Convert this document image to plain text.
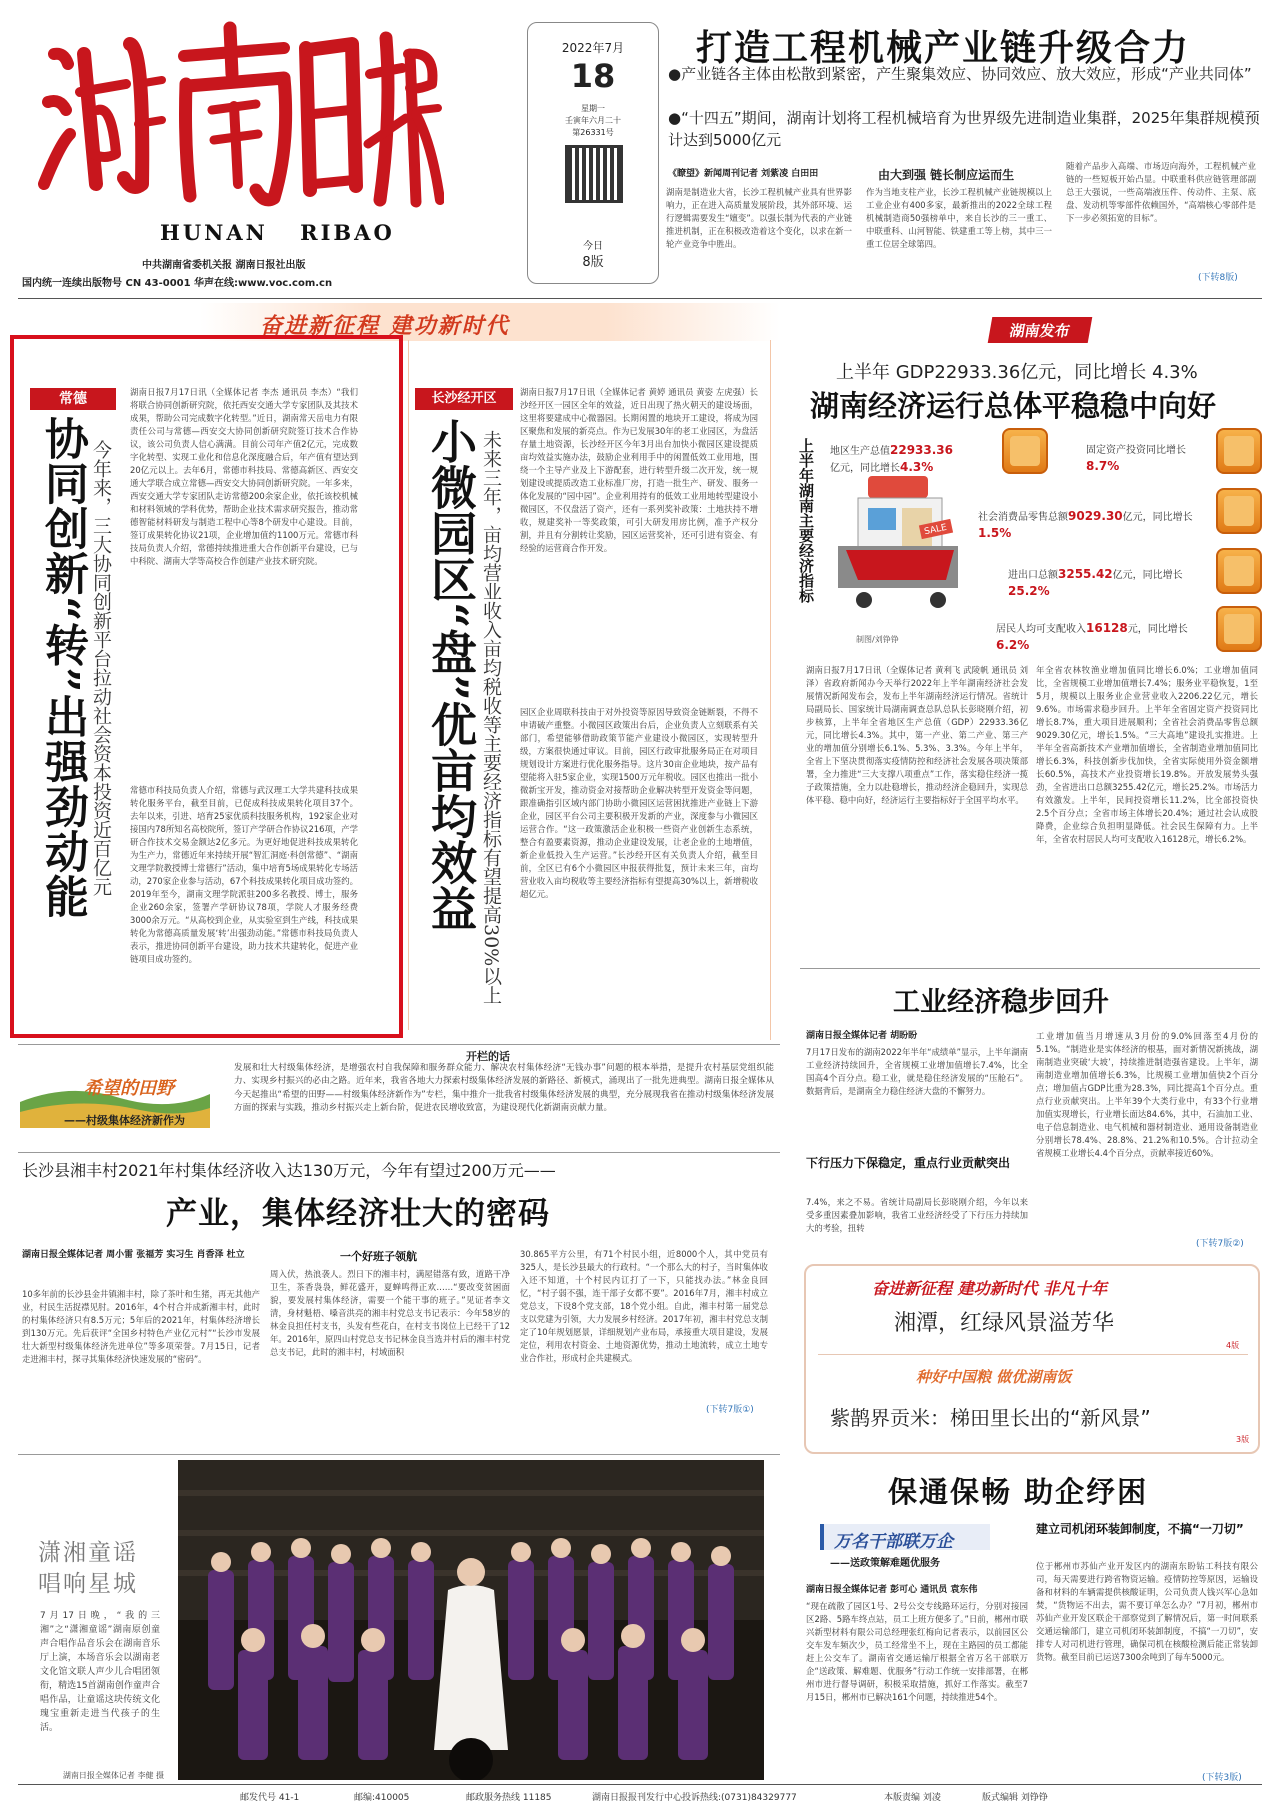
HUNAN RIBAO
中共湖南省委机关报 湖南日报社出版
国内统一连续出版物号 CN 43-0001 华声在线:www.voc.com.cn
2022年7月
18
星期一
壬寅年六月二十
第26331号
今日
8版
打造工程机械产业链升级合力
●产业链各主体由松散到紧密，产生聚集效应、协同效应、放大效应，形成“产业共同体”
●“十四五”期间，湖南计划将工程机械培育为世界级先进制造业集群，2025年集群规模预计达到5000亿元
《瞭望》新闻周刊记者 刘紫凌 白田田	由大到强 链长制应运而生
湖南是制造业大省，长沙工程机械产业具有世界影响力，正在进入高质量发展阶段，其外部环境、运行逻辑需要发生“嬗变”。以强长制为代表的产业链推进机制，正在积极改造着这个变化，以求在新一轮产业竞争中胜出。
作为当地支柱产业，长沙工程机械产业链规模以上工业企业有400多家，最新推出的2022全球工程机械制造商50强榜单中，来自长沙的三一重工、中联重科、山河智能、铁建重工等上榜，其中三一重工位居全球第四。
随着产品步入高端、市场迈向海外，工程机械产业链的一些短板开始凸显。中联重科供应链管理部副总王大强说，一些高端液压件、传动件、主泵、底盘、发动机等零部件依赖国外，“高端核心零部件是下一步必须拓宽的目标”。
(下转8版)
奋进新征程 建功新时代
常德
协同创新“转”出强劲动能 今年来，三大协同创新平台拉动社会资本投资近百亿元
湖南日报7月17日讯（全媒体记者 李杰 通讯员 李杰）“我们将联合协同创新研究院，依托西安交通大学专家团队及其技术成果，帮助公司完成数字化转型。”近日，湖南常天岳电力有限责任公司与常德—西安交大协同创新研究院签订技术合作协议，该公司负责人信心满满。目前公司年产值2亿元，完成数字化转型、实现工业化和信息化深度融合后，年产值有望达到20亿元以上。去年6月，常德市科技局、常德高新区、西安交通大学联合成立常德—西安交大协同创新研究院。一年多来，西安交通大学专家团队走访常德200余家企业，依托该校机械和材料领域的学科优势，帮助企业技术需求研究报告，推动常德智能材料研发与制造工程中心等8个研发中心建设。目前，签订成果转化协议21项，企业增加值约1100万元。常德市科技局负责人介绍，常德持续推进重大合作创新平台建设，已与中科院、湖南大学等高校合作创建产业技术研究院。
常德市科技局负责人介绍，常德与武汉理工大学共建科技成果转化服务平台，截至目前，已促成科技成果转化项目37个。去年以来，引进、培育25家优质科技服务机构，192家企业对接国内78所知名高校院所，签订产学研合作协议216项，产学研合作技术交易金额达2亿多元。为更好地促进科技成果转化为生产力，常德近年来持续开展“智汇洞庭·科创常德”、“湖南文理学院教授博士常德行”活动，集中培育5场成果转化专场活动，270家企业参与活动，67个科技成果转化项目成功签约。2019年至今，湖南文理学院派驻200多名教授、博士，服务企业260余家，签署产学研协议78项，学院人才服务经费3000余万元。“从高校到企业，从实验室到生产线，科技成果转化为常德高质量发展‘转’出强劲动能。”常德市科技局负责人表示，推进协同创新平台建设，助力技术共建转化，促进产业链项目成功签约。
长沙经开区
小微园区“盘”优亩均效益 未来三年，亩均营业收入亩均税收等主要经济指标有望提高30%以上
湖南日报7月17日讯（全媒体记者 黄婷 通讯员 黄姿 左虎强）长沙经开区一园区全年的效益，近日出现了热火朝天的建设场面，这里将要建成中心微器园。长期闲置的地块开工建设，将成为园区聚焦和发展的新亮点。作为已发展30年的老工业园区，为盘活存量土地资源，长沙经开区今年3月出台加快小微园区建设提质亩均效益实施办法，鼓励企业利用手中的闲置低效工业用地，围绕一个主导产业及上下游配套，进行转型升级二次开发，统一规划建设或提质改造工业标准厂房，打造一批生产、研发、服务一体化发展的“园中园”。企业利用持有的低效工业用地转型建设小微园区，不仅盘活了资产，还有一系列奖补政策：土地扶持不增收，规建奖补一等奖政策，可引大研发用房比例，准予产权分割，并且有分割转让奖励，园区运营奖补，还可引进有资金、有经验的运营商合作开发。
园区企业周联科技由于对外投资等原因导致资金链断裂，不得不申请破产重整。小微园区政策出台后，企业负责人立刻联系有关部门，希望能够借助政策节能产业建设小微园区，实现转型升级，方案很快通过审议。目前，园区行政审批服务局正在对项目规划设计方案进行优化服务指导。这片30亩企业地块，按产品有望能将入驻5家企业，实现1500万元年税收。园区也推出一批小微新宝开发，推动资金对接帮助企业解决转型开发资金等问题，跟准确指引区域内部门协助小微园区运营困扰推进产业链上下游企业，园区平台公司主要积极开发新的产业，深度参与小微园区运营合作。“这一政策激活企业积极一些资产业创新生态系统，整合有盈要素资源，推动企业建设发展，让老企业的土地增值，新企业低投入生产运营。”长沙经开区有关负责人介绍，截至目前，全区已有6个小微园区申报获得批复，预计未来三年，亩均营业收入亩均税收等主要经济指标有望提高30%以上，新增税收超亿元。
湖南发布
上半年 GDP22933.36亿元，同比增长 4.3%
湖南经济运行总体平稳稳中向好
上半年湖南主要经济指标	SALE
地区生产总值22933.36
亿元，同比增长4.3%
固定资产投资同比增长8.7%
社会消费品零售总额9029.30亿元，同比增长1.5%
进出口总额3255.42亿元，同比增长25.2%
居民人均可支配收入16128元，同比增长6.2%
制图/刘铮铮
湖南日报7月17日讯（全媒体记者 黄利飞 武陵帆 通讯员 刘泽）省政府新闻办今天举行2022年上半年湖南经济社会发展情况新闻发布会，发布上半年湖南经济运行情况。省统计局副局长、国家统计局湖南调查总队总队长彭晓刚介绍，初步核算，上半年全省地区生产总值（GDP）22933.36亿元，同比增长4.3%。其中，第一产业、第二产业、第三产业的增加值分别增长6.1%、5.3%、3.3%。今年上半年，全省上下坚决贯彻落实疫情防控和经济社会发展各项决策部署，全力推进“三大支撑八项重点”工作，落实稳住经济一揽子政策措施，全力以赴稳增长，推动经济企稳回升，实现总体平稳、稳中向好，经济运行主要指标好于全国平均水平。
年全省农林牧渔业增加值同比增长6.0%；工业增加值同比，全省规模工业增加值增长7.4%；服务业平稳恢复，1至5月，规模以上服务业企业营业收入2206.22亿元，增长9.6%。市场需求稳步回升。上半年全省固定资产投资同比增长8.7%，重大项目进展顺利；全省社会消费品零售总额9029.30亿元，增长1.5%。“三大高地”建设扎实推进。上半年全省高新技术产业增加值增长，全省制造业增加值同比增长6.3%，科技创新步伐加快，全省实际使用外资金额增长60.5%，高技术产业投资增长19.8%。开放发展势头强劲，全省进出口总额3255.42亿元，增长25.2%。市场活力有效激发。上半年，民间投资增长11.2%，比全部投资快2.5个百分点；全省市场主体增长20.4%；通过社会认成股降费，企业综合负担明显降低。社会民生保障有力。上半年，全省农村居民人均可支配收入16128元，增长6.2%。
工业经济稳步回升
湖南日报全媒体记者 胡盼盼
7月17日发布的湖南2022年半年“成绩单”显示，上半年湖南工业经济持续回升，全省规模工业增加值增长7.4%，比全国高4个百分点。稳工业，就是稳住经济发展的“压舱石”。数据背后，是湖南全力稳住经济大盘的不懈努力。
下行压力下保稳定，重点行业贡献突出
7.4%，来之不易。省统计局副局长彭晓刚介绍，今年以来受多重因素叠加影响，我省工业经济经受了下行压力持续加大的考验，扭转
工业增加值当月增速从3月份的9.0%回落至4月份的5.1%。“制造业是实体经济的根基，面对新情况新挑战，湖南制造业突破‘大坡’，持续推进制造强省建设。上半年，湖南制造业增加值增长6.3%，比规模工业增加值快2个百分点；增加值占GDP比重为28.3%，同比提高1个百分点。重点行业贡献突出。上半年39个大类行业中，有33个行业增加值实现增长，行业增长面达84.6%，其中，石油加工业、电子信息制造业、电气机械和器材制造业、通用设备制造业分别增长78.4%、28.8%、21.2%和10.5%。合计拉动全省规模工业增长4.4个百分点，贡献率接近60%。
(下转7版②)
开栏的话
希望的田野
——村级集体经济新作为
发展和壮大村级集体经济，是增强农村自我保障和服务群众能力、解决农村集体经济“无钱办事”问题的根本举措，是提升农村基层党组织能力、实现乡村振兴的必由之路。近年来，我省各地大力探索村级集体经济发展的新路径、新模式，涌现出了一批先进典型。湖南日报全媒体从今天起推出“希望的田野——村级集体经济新作为”专栏，集中推介一批我省村级集体经济发展的典型，充分展现我省在推动村级集体经济发展方面的探索与实践，推动乡村振兴走上新台阶，促进农民增收致富，为建设现代化新湖南贡献力量。
长沙县湘丰村2021年村集体经济收入达130万元，今年有望过200万元——
产业，集体经济壮大的密码
湖南日报全媒体记者 周小雷 张福芳 实习生 肖香泽 杜立
10多年前的长沙县金井镇湘丰村，除了茶叶和生猪，再无其他产业，村民生活捉襟见肘。2016年，4个村合并成新湘丰村，此时的村集体经济只有8.5万元；5年后的2021年，村集体经济增长到130万元。先后获评“全国乡村特色产业亿元村”“长沙市发展壮大新型村级集体经济先进单位”等多项荣誉。7月15日，记者走进湘丰村，探寻其集体经济快速发展的“密码”。
一个好班子领航
周入伏，热浪袭人。烈日下的湘丰村，满屋错落有致，道路干净卫生，茶香袅袅，鲜花盛开，夏蝉鸣得正欢……“要改变贫困面貌，要发展村集体经济，需要一个能干事的班子。”见证者李文清，身材魁梧、嗓音洪亮的湘丰村党总支书记表示：今年58岁的林金良担任村支书，头发有些花白，在村支书岗位上已经干了12年。2016年，原四山村党总支书记林金良当选并村后的湘丰村党总支书记，此时的湘丰村，村域面积
30.865平方公里，有71个村民小组，近8000个人，其中党员有325人，是长沙县最大的行政村。“一个那么大的村子，当时集体收入还不知道，十个村民内讧打了一下，只能找办法。”林金良回忆，“村子弱不强，连干部子女都不要”。2016年7月，湘丰村成立党总支，下设8个党支部，18个党小组。自此，湘丰村第一届党总支以党建为引领，大力发展乡村经济。2017年初，湘丰村党总支制定了10年规划愿景，详细规划产业布局，承接重大项目建设，发展定位，利用农村资金、土地资源优势，推动土地流转，成立土地专业合作社，形成村企共建模式。
(下转7版①)
奋进新征程 建功新时代 非凡十年
湘潭，红绿风景溢芳华
4版
种好中国粮 做优湖南饭
紫鹊界贡米：梯田里长出的“新风景”
3版
潇湘童谣 唱响星城
7月17日晚，“我的三湘”之“潇湘童谣”湖南原创童声合唱作品音乐会在湖南音乐厅上演，本场音乐会以湖南老文化馆文联人声少儿合唱团领衔，精选15首湖南创作童声合唱作品，让童谣这块传统文化瑰宝重新走进当代孩子的生活。
湖南日报全媒体记者 李健 摄
保通保畅 助企纾困
万名干部联万企
——送政策解难题优服务
建立司机闭环装卸制度，不搞“一刀切”
湖南日报全媒体记者 彭可心 通讯员 袁东伟
“现在疏散了园区1号、2号公交专线路环运行，分别对接园区2路、5路车终点站，员工上班方便多了。”日前，郴州市联兴新型材料有限公司总经理张红梅向记者表示，以前园区公交车发车频次少，员工经常坐不上，现在主路园的员工都能赶上公交车了。湖南省交通运输厅根据全省万名干部联万企“送政策、解难题、优服务”行动工作统一安排部署，在郴州市进行督导调研，积极采取措施，抓好工作落实。截至7月15日，郴州市已解决161个问题，持续推进54个。
位于郴州市苏仙产业开发区内的湖南东盼钻工科技有限公司，每天需要进行跨省物资运输。疫情防控等原因，运输设备和材料的车辆需提供核酸证明，公司负责人钱兴军心急如焚，“货物运不出去，需不要订单怎么办？”7月初，郴州市苏仙产业开发区联企干部察觉到了解情况后，第一时间联系交通运输部门，建立司机闭环装卸制度，不搞“一刀切”，安排专人对司机进行管理，确保司机在核酸检测后能正常装卸货物。截至目前已运送7300余吨到了每车5000元。
(下转3版)
邮发代号 41-1	邮编:410005	邮政服务热线 11185	湖南日报报刊发行中心投诉热线:(0731)84329777	本版责编 刘凌	版式编辑 刘铮铮
